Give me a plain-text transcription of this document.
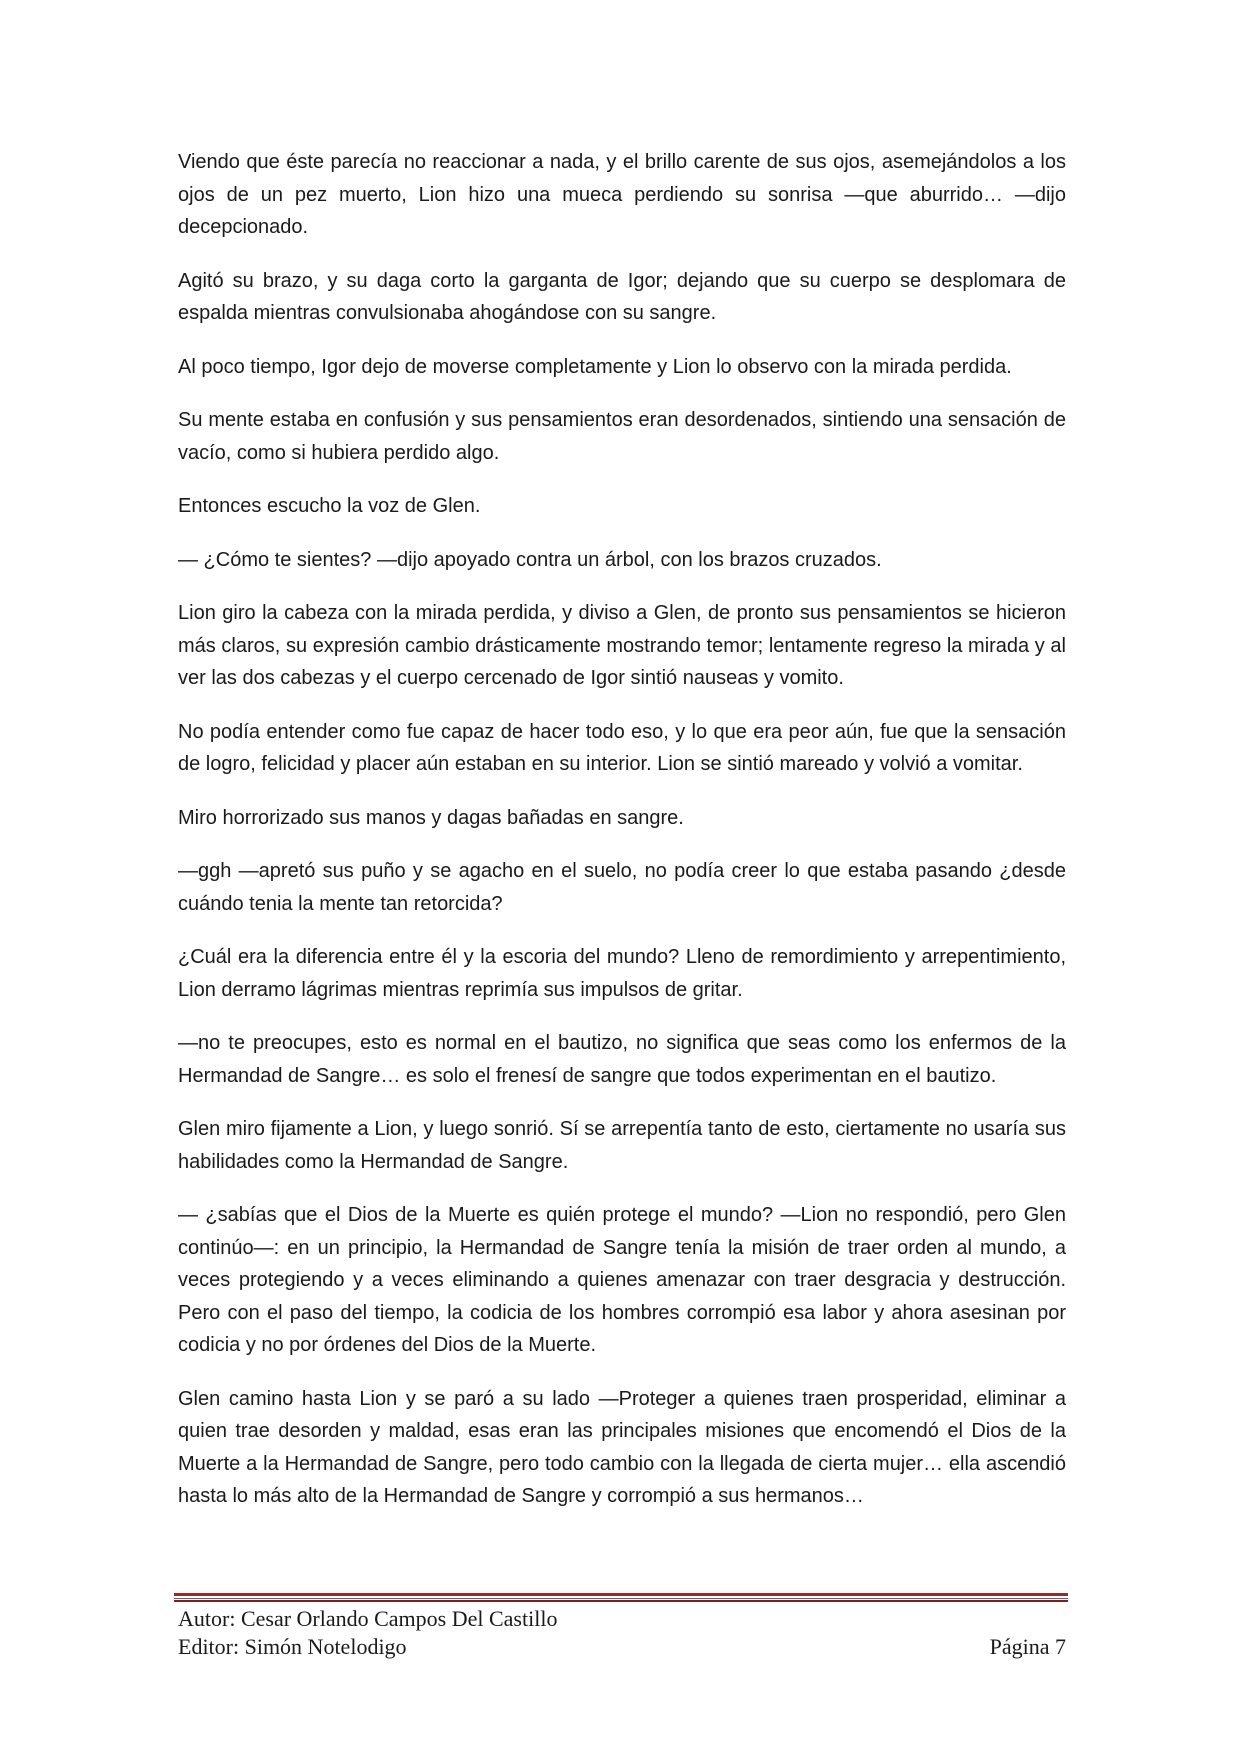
Viendo que éste parecía no reaccionar a nada, y el brillo carente de sus ojos, asemejándolos a los ojos de un pez muerto, Lion hizo una mueca perdiendo su sonrisa —que aburrido… —dijo decepcionado.

Agitó su brazo, y su daga corto la garganta de Igor; dejando que su cuerpo se desplomara de espalda mientras convulsionaba ahogándose con su sangre.

Al poco tiempo, Igor dejo de moverse completamente y Lion lo observo con la mirada perdida.

Su mente estaba en confusión y sus pensamientos eran desordenados, sintiendo una sensación de vacío, como si hubiera perdido algo.

Entonces escucho la voz de Glen.

— ¿Cómo te sientes? —dijo apoyado contra un árbol, con los brazos cruzados.

Lion giro la cabeza con la mirada perdida, y diviso a Glen, de pronto sus pensamientos se hicieron más claros, su expresión cambio drásticamente mostrando temor; lentamente regreso la mirada y al ver las dos cabezas y el cuerpo cercenado de Igor sintió nauseas y vomito.

No podía entender como fue capaz de hacer todo eso, y lo que era peor aún, fue que la sensación de logro, felicidad y placer aún estaban en su interior. Lion se sintió mareado y volvió a vomitar.

Miro horrorizado sus manos y dagas bañadas en sangre.

—ggh —apretó sus puño y se agacho en el suelo, no podía creer lo que estaba pasando ¿desde cuándo tenia la mente tan retorcida?

¿Cuál era la diferencia entre él y la escoria del mundo? Lleno de remordimiento y arrepentimiento, Lion derramo lágrimas mientras reprimía sus impulsos de gritar.

—no te preocupes, esto es normal en el bautizo, no significa que seas como los enfermos de la Hermandad de Sangre… es solo el frenesí de sangre que todos experimentan en el bautizo.

Glen miro fijamente a Lion, y luego sonrió. Sí se arrepentía tanto de esto, ciertamente no usaría sus habilidades como la Hermandad de Sangre.

— ¿sabías que el Dios de la Muerte es quién protege el mundo? —Lion no respondió, pero Glen continúo—: en un principio, la Hermandad de Sangre tenía la misión de traer orden al mundo, a veces protegiendo y a veces eliminando a quienes amenazar con traer desgracia y destrucción. Pero con el paso del tiempo, la codicia de los hombres corrompió esa labor y ahora asesinan por codicia y no por órdenes del Dios de la Muerte.

Glen camino hasta Lion y se paró a su lado —Proteger a quienes traen prosperidad, eliminar a quien trae desorden y maldad, esas eran las principales misiones que encomendó el Dios de la Muerte a la Hermandad de Sangre, pero todo cambio con la llegada de cierta mujer… ella ascendió hasta lo más alto de la Hermandad de Sangre y corrompió a sus hermanos…

Autor: Cesar Orlando Campos Del Castillo
Editor: Simón Notelodigo	Página 7
